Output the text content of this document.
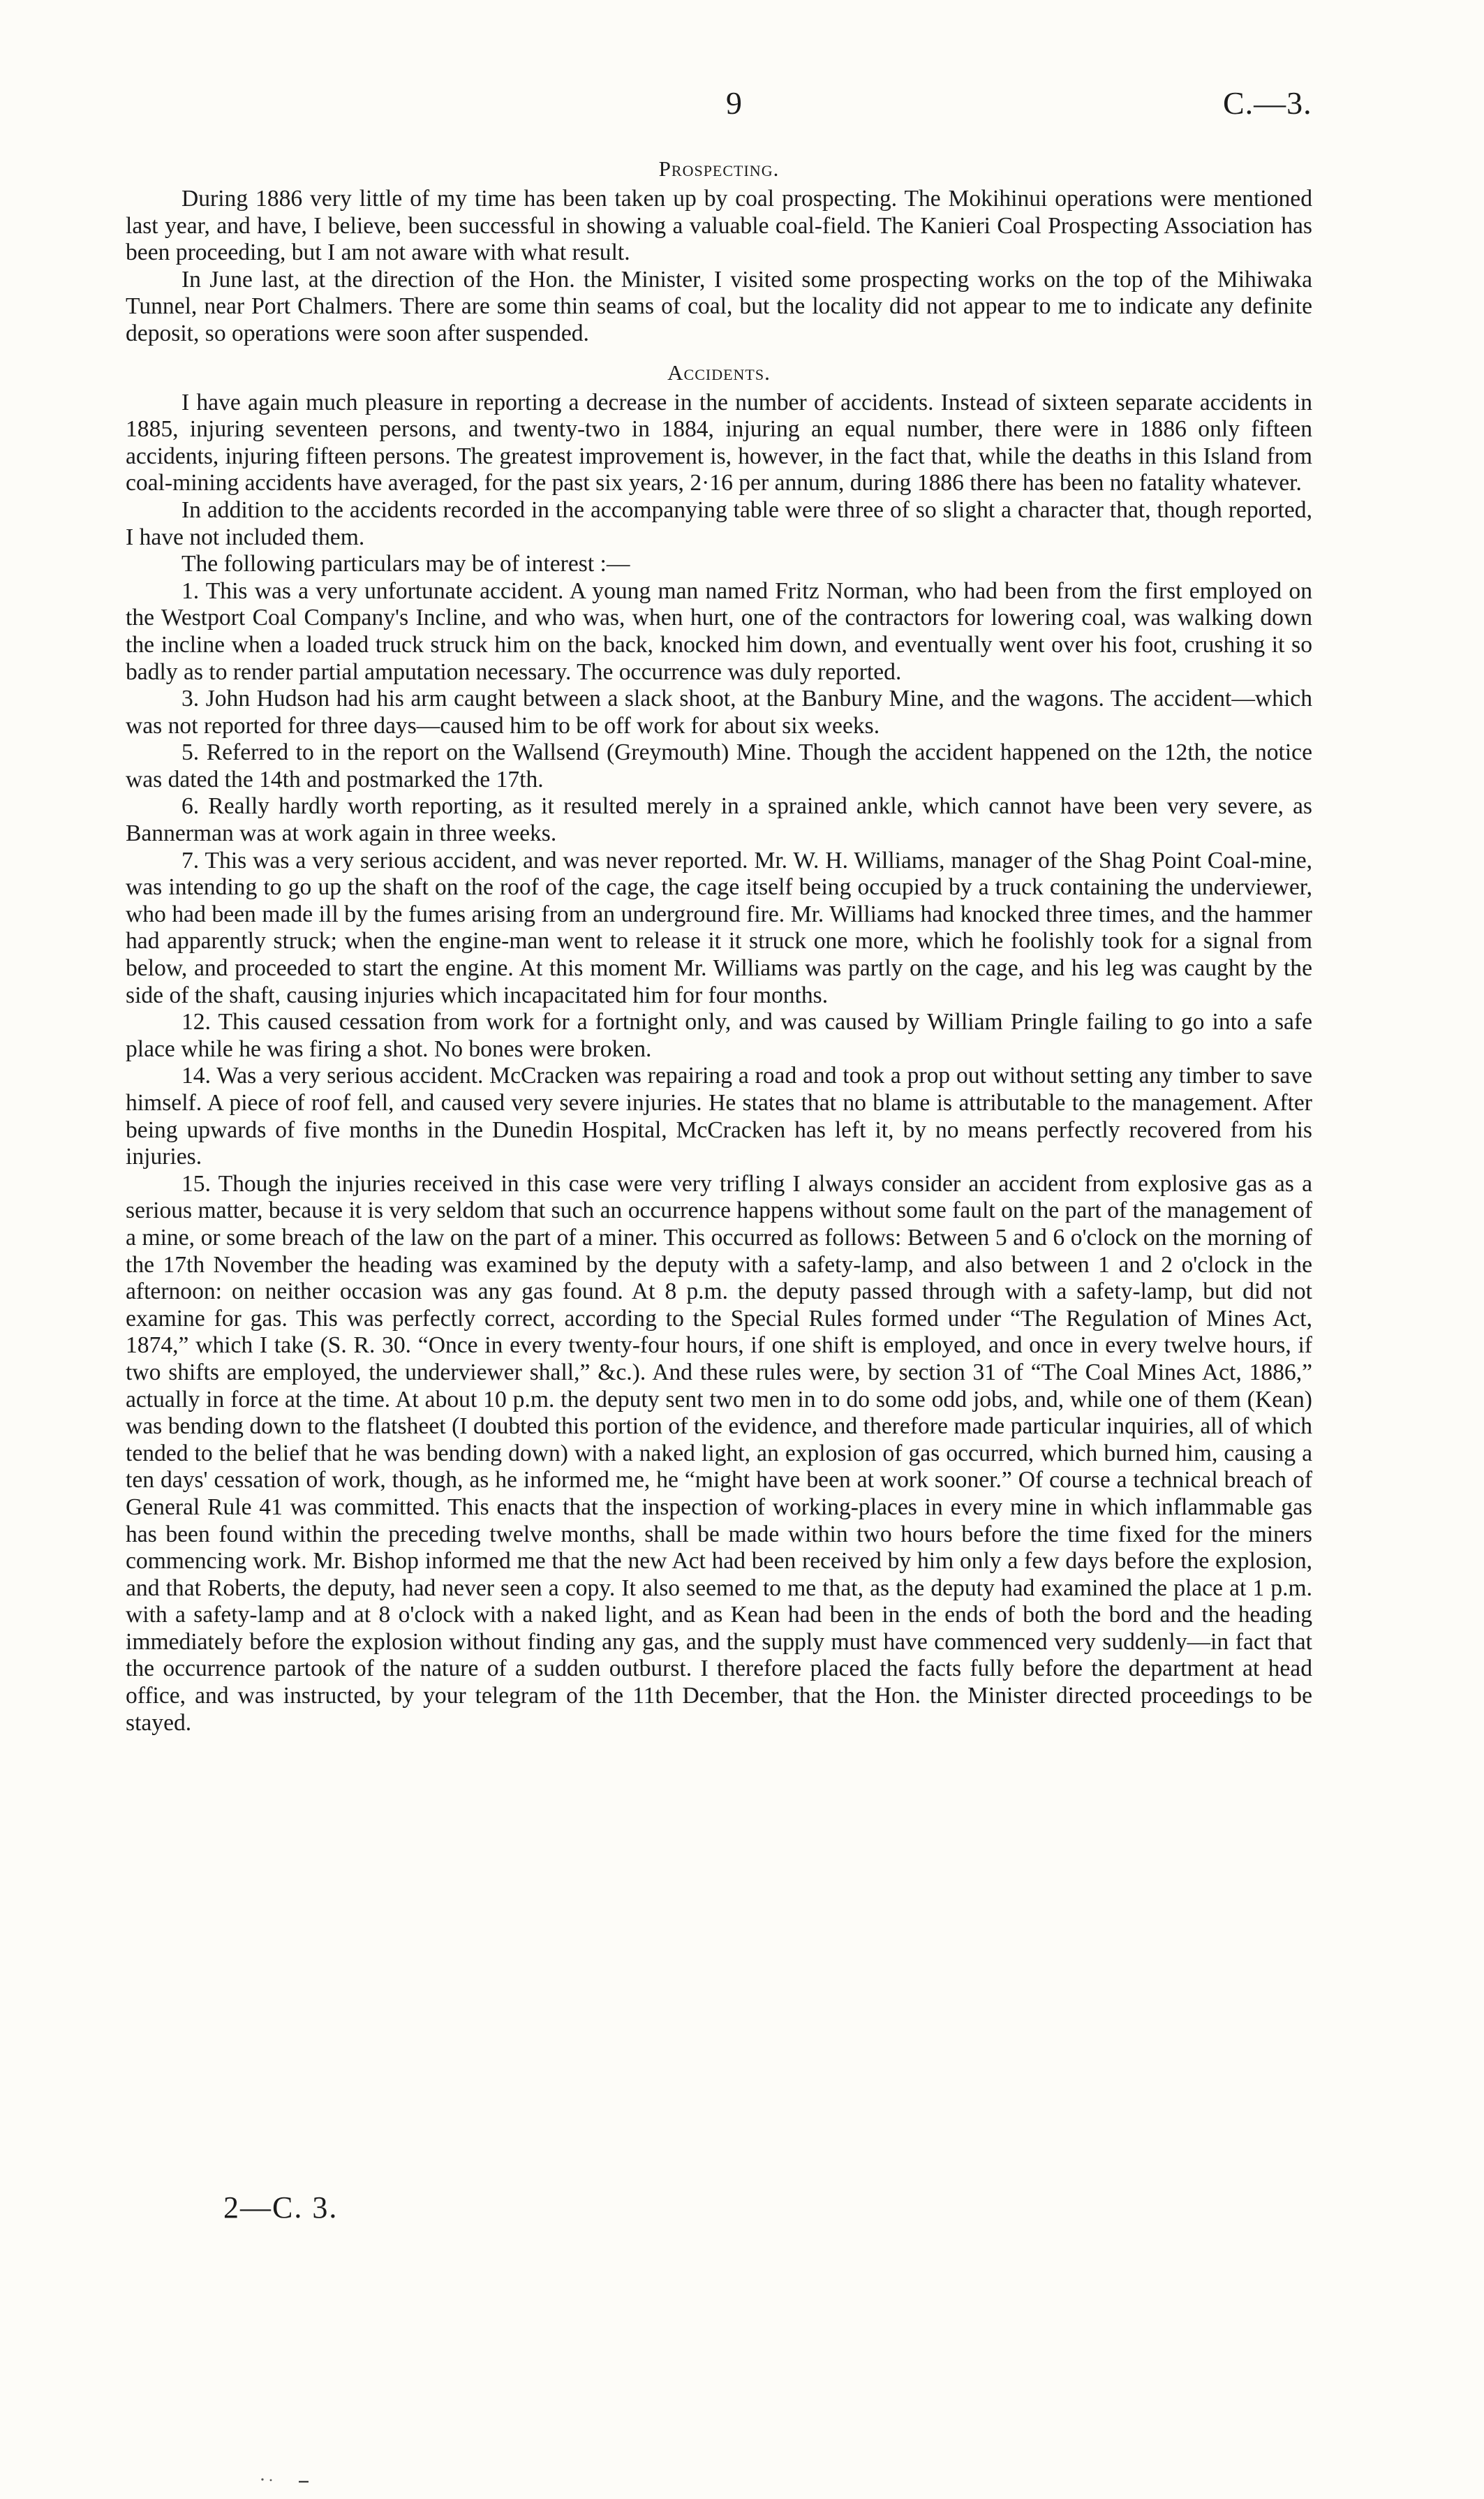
9	C.—3.
Prospecting.

During 1886 very little of my time has been taken up by coal prospecting. The Mokihinui operations were mentioned last year, and have, I believe, been successful in showing a valuable coal-field. The Kanieri Coal Prospecting Association has been proceeding, but I am not aware with what result.

In June last, at the direction of the Hon. the Minister, I visited some prospecting works on the top of the Mihiwaka Tunnel, near Port Chalmers. There are some thin seams of coal, but the locality did not appear to me to indicate any definite deposit, so operations were soon after suspended.

Accidents.

I have again much pleasure in reporting a decrease in the number of accidents. Instead of sixteen separate accidents in 1885, injuring seventeen persons, and twenty-two in 1884, injuring an equal number, there were in 1886 only fifteen accidents, injuring fifteen persons. The greatest improvement is, however, in the fact that, while the deaths in this Island from coal-mining accidents have averaged, for the past six years, 2·16 per annum, during 1886 there has been no fatality whatever.

In addition to the accidents recorded in the accompanying table were three of so slight a character that, though reported, I have not included them.

The following particulars may be of interest :—

1. This was a very unfortunate accident. A young man named Fritz Norman, who had been from the first employed on the Westport Coal Company's Incline, and who was, when hurt, one of the contractors for lowering coal, was walking down the incline when a loaded truck struck him on the back, knocked him down, and eventually went over his foot, crushing it so badly as to render partial amputation necessary. The occurrence was duly reported.

3. John Hudson had his arm caught between a slack shoot, at the Banbury Mine, and the wagons. The accident—which was not reported for three days—caused him to be off work for about six weeks.

5. Referred to in the report on the Wallsend (Greymouth) Mine. Though the accident happened on the 12th, the notice was dated the 14th and postmarked the 17th.

6. Really hardly worth reporting, as it resulted merely in a sprained ankle, which cannot have been very severe, as Bannerman was at work again in three weeks.

7. This was a very serious accident, and was never reported. Mr. W. H. Williams, manager of the Shag Point Coal-mine, was intending to go up the shaft on the roof of the cage, the cage itself being occupied by a truck containing the underviewer, who had been made ill by the fumes arising from an underground fire. Mr. Williams had knocked three times, and the hammer had apparently struck; when the engine-man went to release it it struck one more, which he foolishly took for a signal from below, and proceeded to start the engine. At this moment Mr. Williams was partly on the cage, and his leg was caught by the side of the shaft, causing injuries which incapacitated him for four months.

12. This caused cessation from work for a fortnight only, and was caused by William Pringle failing to go into a safe place while he was firing a shot. No bones were broken.

14. Was a very serious accident. McCracken was repairing a road and took a prop out without setting any timber to save himself. A piece of roof fell, and caused very severe injuries. He states that no blame is attributable to the management. After being upwards of five months in the Dunedin Hospital, McCracken has left it, by no means perfectly recovered from his injuries.

15. Though the injuries received in this case were very trifling I always consider an accident from explosive gas as a serious matter, because it is very seldom that such an occurrence happens without some fault on the part of the management of a mine, or some breach of the law on the part of a miner. This occurred as follows: Between 5 and 6 o'clock on the morning of the 17th November the heading was examined by the deputy with a safety-lamp, and also between 1 and 2 o'clock in the afternoon: on neither occasion was any gas found. At 8 p.m. the deputy passed through with a safety-lamp, but did not examine for gas. This was perfectly correct, according to the Special Rules formed under “The Regulation of Mines Act, 1874,” which I take (S. R. 30. “Once in every twenty-four hours, if one shift is employed, and once in every twelve hours, if two shifts are employed, the underviewer shall,” &c.). And these rules were, by section 31 of “The Coal Mines Act, 1886,” actually in force at the time. At about 10 p.m. the deputy sent two men in to do some odd jobs, and, while one of them (Kean) was bending down to the flatsheet (I doubted this portion of the evidence, and therefore made particular inquiries, all of which tended to the belief that he was bending down) with a naked light, an explosion of gas occurred, which burned him, causing a ten days' cessation of work, though, as he informed me, he “might have been at work sooner.” Of course a technical breach of General Rule 41 was committed. This enacts that the inspection of working-places in every mine in which inflammable gas has been found within the preceding twelve months, shall be made within two hours before the time fixed for the miners commencing work. Mr. Bishop informed me that the new Act had been received by him only a few days before the explosion, and that Roberts, the deputy, had never seen a copy. It also seemed to me that, as the deputy had examined the place at 1 p.m. with a safety-lamp and at 8 o'clock with a naked light, and as Kean had been in the ends of both the bord and the heading immediately before the explosion without finding any gas, and the supply must have commenced very suddenly—in fact that the occurrence partook of the nature of a sudden outburst. I therefore placed the facts fully before the department at head office, and was instructed, by your telegram of the 11th December, that the Hon. the Minister directed proceedings to be stayed.

2—C. 3.
